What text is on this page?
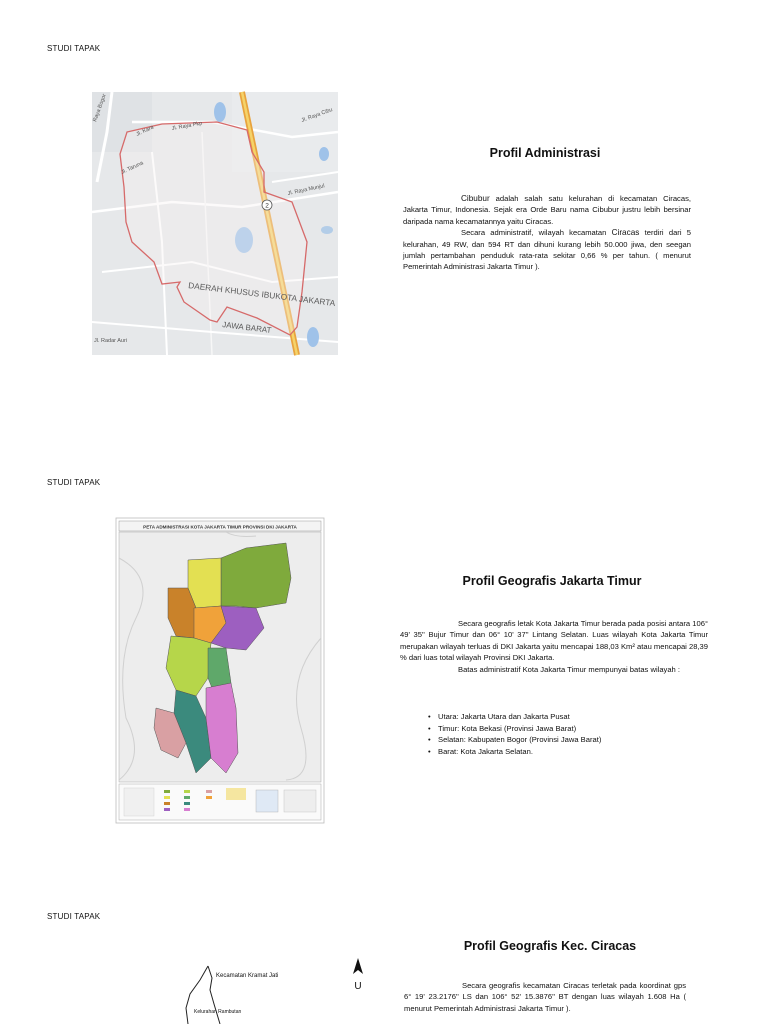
STUDI TAPAK
2
Jl. Raya Pkp
Jl. Kara
Jl. Raya Cibu
Jl. Raya Munjul
Jl. Taruna
Raya Bogor
Jl. Radar Auri
DAERAH KHUSUS IBUKOTA JAKARTA
JAWA BARAT
Profil Administrasi

Cibubur adalah salah satu kelurahan di kecamatan Ciracas, Jakarta Timur, Indonesia. Sejak era Orde Baru nama Cibubur justru lebih bersinar daripada nama kecamatannya yaitu Ciracas.
Secara administratif, wilayah kecamatan Ciracas terdiri dari 5 kelurahan, 49 RW, dan 594 RT dan dihuni kurang lebih 50.000 jiwa, den seegan jumlah pertambahan penduduk rata-rata sekitar 0,66 % per tahun. ( menurut Pemerintah Administrasi Jakarta Timur ).

STUDI TAPAK
PETA ADMINISTRASI KOTA JAKARTA TIMUR PROVINSI DKI JAKARTA
Profil Geografis Jakarta Timur

Secara geografis letak Kota Jakarta Timur berada pada posisi antara 106° 49' 35'' Bujur Timur dan 06° 10' 37'' Lintang Selatan. Luas wilayah Kota Jakarta Timur merupakan wilayah terluas di DKI Jakarta yaitu mencapai 188,03 Km² atau mencapai 28,39 % dari luas total wilayah Provinsi DKI Jakarta.
Batas administratif Kota Jakarta Timur mempunyai batas wilayah :

• Utara: Jakarta Utara dan Jakarta Pusat
• Timur: Kota Bekasi (Provinsi Jawa Barat)
• Selatan: Kabupaten Bogor (Provinsi Jawa Barat)
• Barat: Kota Jakarta Selatan.
STUDI TAPAK
Kecamatan Kramat Jati
Kelurahan Rambutan
U
Profil Geografis Kec. Ciracas

Secara geografis kecamatan Ciracas terletak pada koordinat gps 6° 19' 23.2176'' LS dan 106° 52' 15.3876'' BT dengan luas wilayah 1.608 Ha ( menurut Pemerintah Administrasi Jakarta Timur ).
